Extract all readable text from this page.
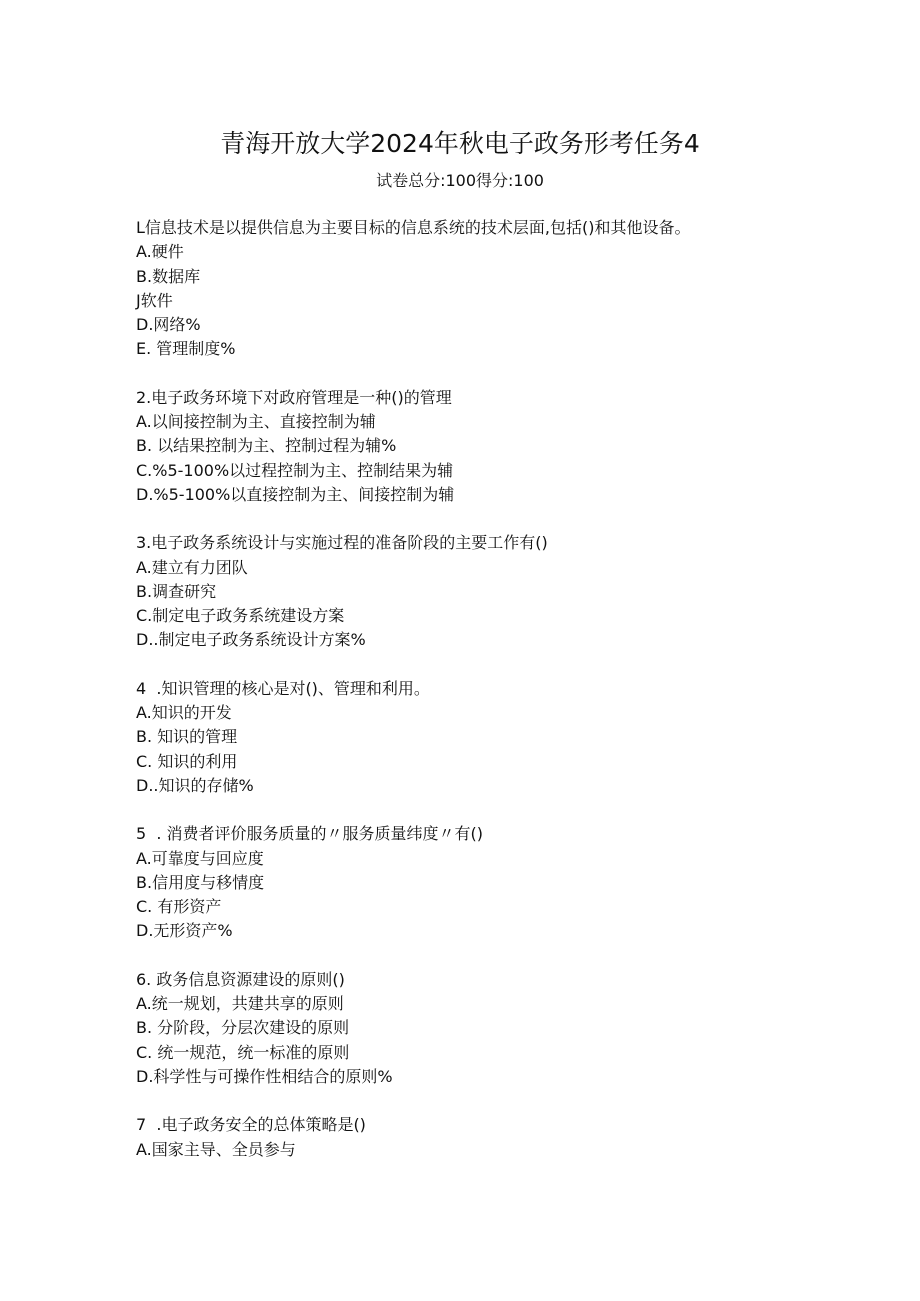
青海开放大学2024年秋电子政务形考任务4
试卷总分:100得分:100

L信息技术是以提供信息为主要目标的信息系统的技术层面,包括()和其他设备。

A.硬件

B.数据库

J软件

D.网络%

E. 管理制度%

2.电子政务环境下对政府管理是一种()的管理

A.以间接控制为主、直接控制为辅

B. 以结果控制为主、控制过程为辅%

C.%5-100%以过程控制为主、控制结果为辅

D.%5-100%以直接控制为主、间接控制为辅

3.电子政务系统设计与实施过程的准备阶段的主要工作有()

A.建立有力团队

B.调查研究

C.制定电子政务系统建设方案

D..制定电子政务系统设计方案%

4  .知识管理的核心是对()、管理和利用。

A.知识的开发

B. 知识的管理

C. 知识的利用

D..知识的存储%

5  . 消费者评价服务质量的〃服务质量纬度〃有()

A.可靠度与回应度

B.信用度与移情度

C. 有形资产

D.无形资产%

6. 政务信息资源建设的原则()

A.统一规划，共建共享的原则

B. 分阶段，分层次建设的原则

C. 统一规范，统一标准的原则

D.科学性与可操作性相结合的原则%

7  .电子政务安全的总体策略是()

A.国家主导、全员参与
